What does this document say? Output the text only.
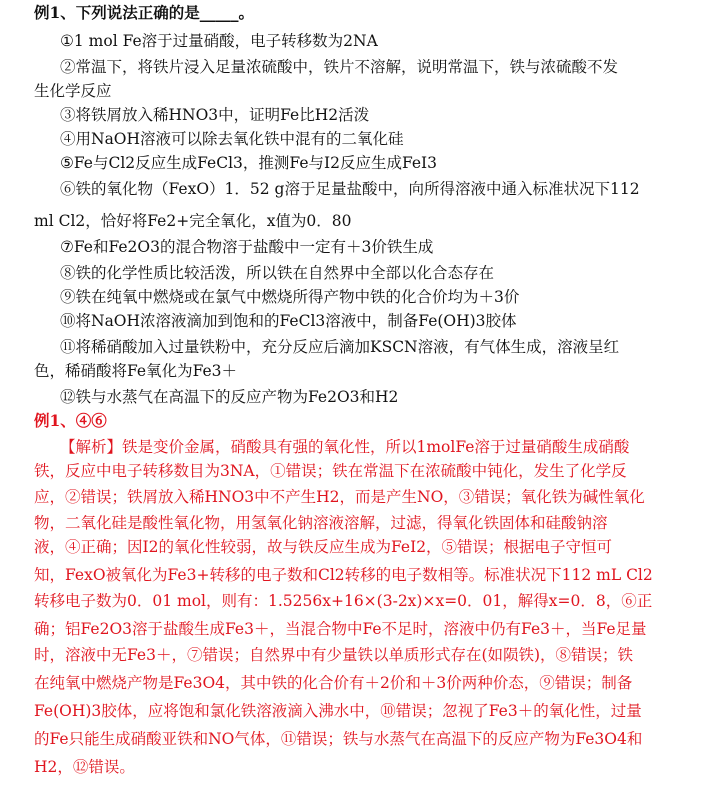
例1、下列说法正确的是_____。
①1 mol Fe溶于过量硝酸，电子转移数为2NA
②常温下，将铁片浸入足量浓硫酸中，铁片不溶解，说明常温下，铁与浓硫酸不发
生化学反应
③将铁屑放入稀HNO3中，证明Fe比H2活泼
④用NaOH溶液可以除去氧化铁中混有的二氧化硅
⑤Fe与Cl2反应生成FeCl3，推测Fe与I2反应生成FeI3
⑥铁的氧化物（FexO）1．52 g溶于足量盐酸中，向所得溶液中通入标准状况下112
ml Cl2，恰好将Fe2+完全氧化，x值为0．80
⑦Fe和Fe2O3的混合物溶于盐酸中一定有＋3价铁生成
⑧铁的化学性质比较活泼，所以铁在自然界中全部以化合态存在
⑨铁在纯氧中燃烧或在氯气中燃烧所得产物中铁的化合价均为＋3价
⑩将NaOH浓溶液滴加到饱和的FeCl3溶液中，制备Fe(OH)3胶体
⑪将稀硝酸加入过量铁粉中，充分反应后滴加KSCN溶液，有气体生成，溶液呈红
色，稀硝酸将Fe氧化为Fe3＋
⑫铁与水蒸气在高温下的反应产物为Fe2O3和H2
例1、④⑥
【解析】铁是变价金属，硝酸具有强的氧化性，所以1molFe溶于过量硝酸生成硝酸
铁，反应中电子转移数目为3NA，①错误；铁在常温下在浓硫酸中钝化，发生了化学反
应，②错误；铁屑放入稀HNO3中不产生H2，而是产生NO，③错误；氧化铁为碱性氧化
物，二氧化硅是酸性氧化物，用氢氧化钠溶液溶解，过滤，得氧化铁固体和硅酸钠溶
液，④正确；因I2的氧化性较弱，故与铁反应生成为FeI2，⑤错误；根据电子守恒可
知，FexO被氧化为Fe3+转移的电子数和Cl2转移的电子数相等。标准状况下112 mL Cl2
转移电子数为0．01 mol，则有：1.5256x+16×(3-2x)×x=0．01，解得x=0．8，⑥正
确；铝Fe2O3溶于盐酸生成Fe3＋，当混合物中Fe不足时，溶液中仍有Fe3＋，当Fe足量
时，溶液中无Fe3＋，⑦错误；自然界中有少量铁以单质形式存在(如陨铁)，⑧错误；铁
在纯氧中燃烧产物是Fe3O4，其中铁的化合价有＋2价和＋3价两种价态，⑨错误；制备
Fe(OH)3胶体，应将饱和氯化铁溶液滴入沸水中，⑩错误；忽视了Fe3＋的氧化性，过量
的Fe只能生成硝酸亚铁和NO气体，⑪错误；铁与水蒸气在高温下的反应产物为Fe3O4和
H2，⑫错误。
